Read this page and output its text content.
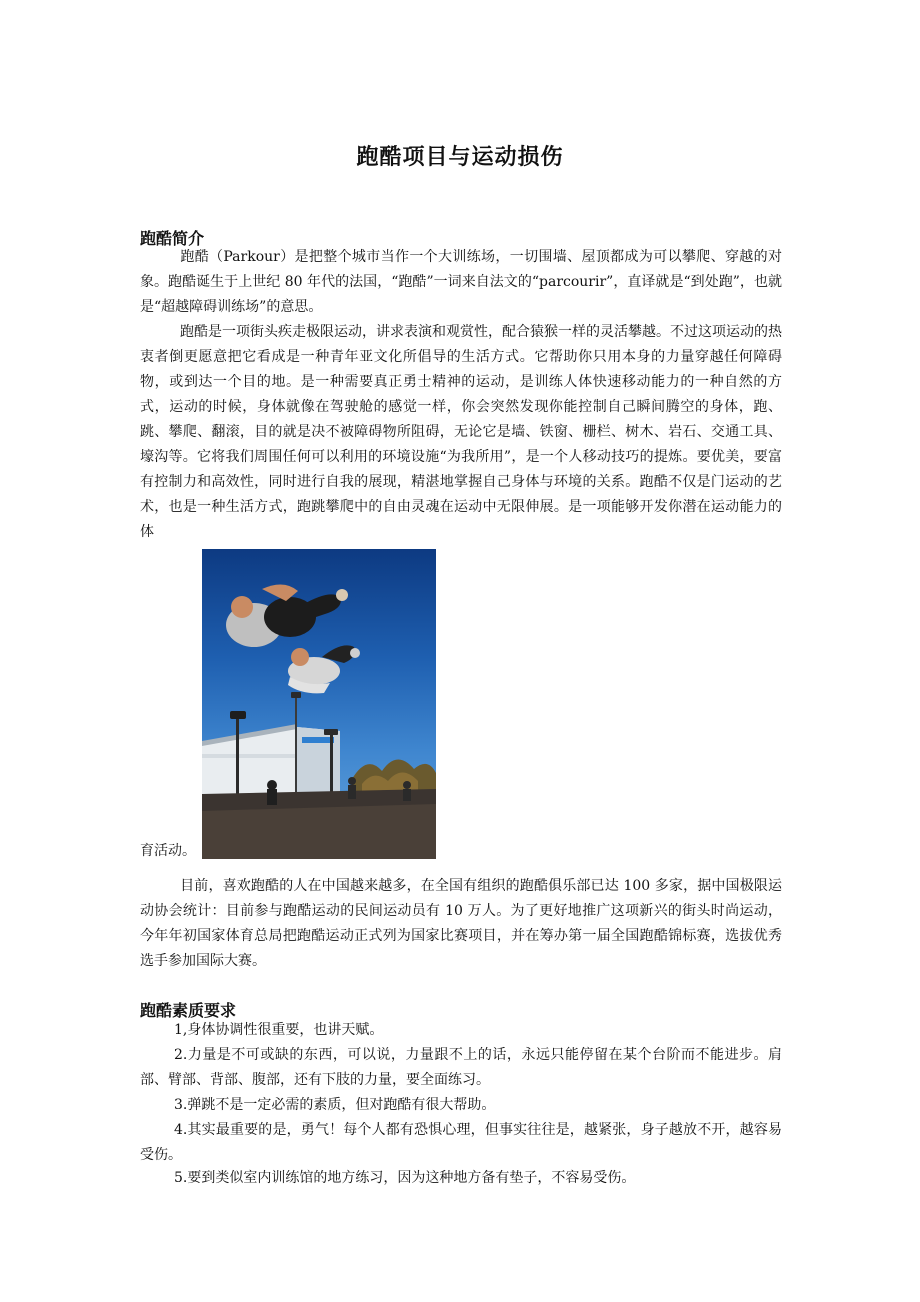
跑酷项目与运动损伤
跑酷简介
跑酷（Parkour）是把整个城市当作一个大训练场，一切围墙、屋顶都成为可以攀爬、穿越的对象。跑酷诞生于上世纪 80 年代的法国，“跑酷”一词来自法文的“parcourir”，直译就是“到处跑”，也就是“超越障碍训练场”的意思。
跑酷是一项街头疾走极限运动，讲求表演和观赏性，配合猿猴一样的灵活攀越。不过这项运动的热衷者倒更愿意把它看成是一种青年亚文化所倡导的生活方式。它帮助你只用本身的力量穿越任何障碍物，或到达一个目的地。是一种需要真正勇士精神的运动，是训练人体快速移动能力的一种自然的方式，运动的时候，身体就像在驾驶舱的感觉一样，你会突然发现你能控制自己瞬间腾空的身体，跑、跳、攀爬、翻滚，目的就是决不被障碍物所阻碍，无论它是墙、铁窗、栅栏、树木、岩石、交通工具、壕沟等。它将我们周围任何可以利用的环境设施“为我所用”，是一个人移动技巧的提炼。要优美，要富有控制力和高效性，同时进行自我的展现，精湛地掌握自己身体与环境的关系。跑酷不仅是门运动的艺术，也是一种生活方式，跑跳攀爬中的自由灵魂在运动中无限伸展。是一项能够开发你潜在运动能力的体
育活动。
目前，喜欢跑酷的人在中国越来越多，在全国有组织的跑酷俱乐部已达 100 多家，据中国极限运动协会统计：目前参与跑酷运动的民间运动员有 10 万人。为了更好地推广这项新兴的街头时尚运动，今年年初国家体育总局把跑酷运动正式列为国家比赛项目，并在筹办第一届全国跑酷锦标赛，选拔优秀选手参加国际大赛。
跑酷素质要求
1,身体协调性很重要，也讲天赋。
2.力量是不可或缺的东西，可以说，力量跟不上的话，永远只能停留在某个台阶而不能进步。肩部、臂部、背部、腹部，还有下肢的力量，要全面练习。
3.弹跳不是一定必需的素质，但对跑酷有很大帮助。
4.其实最重要的是，勇气！每个人都有恐惧心理，但事实往往是，越紧张，身子越放不开，越容易受伤。
5.要到类似室内训练馆的地方练习，因为这种地方备有垫子，不容易受伤。
